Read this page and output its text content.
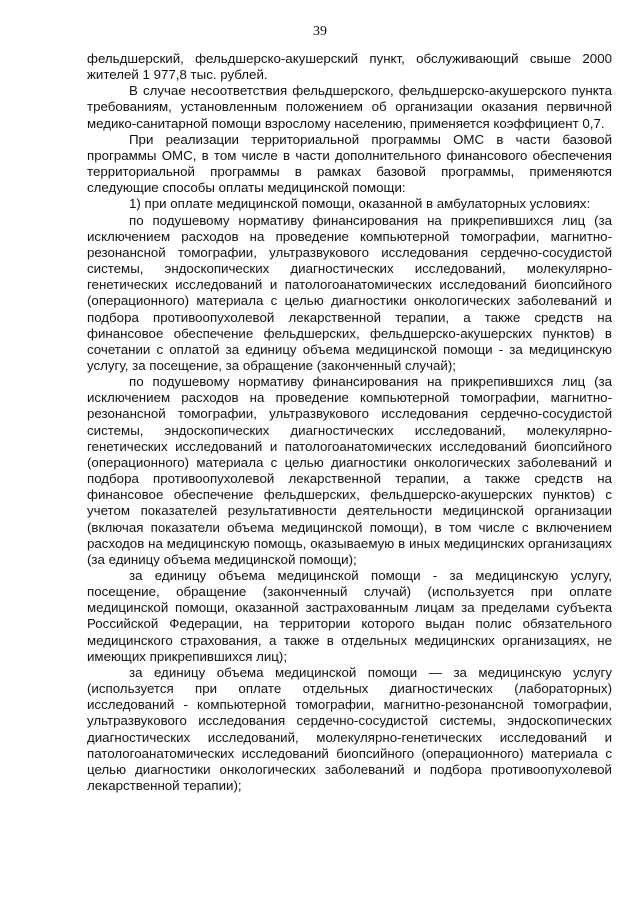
39

фельдшерский, фельдшерско-акушерский пункт, обслуживающий свыше 2000 жителей 1 977,8 тыс. рублей.

В случае несоответствия фельдшерского, фельдшерско-акушерского пункта требованиям, установленным положением об организации оказания первичной медико-санитарной помощи взрослому населению, применяется коэффициент 0,7.

При реализации территориальной программы ОМС в части базовой программы ОМС, в том числе в части дополнительного финансового обеспечения территориальной программы в рамках базовой программы, применяются следующие способы оплаты медицинской помощи:

1) при оплате медицинской помощи, оказанной в амбулаторных условиях:

по подушевому нормативу финансирования на прикрепившихся лиц (за исключением расходов на проведение компьютерной томографии, магнитно-резонансной томографии, ультразвукового исследования сердечно-сосудистой системы, эндоскопических диагностических исследований, молекулярно-генетических исследований и патологоанатомических исследований биопсийного (операционного) материала с целью диагностики онкологических заболеваний и подбора противоопухолевой лекарственной терапии, а также средств на финансовое обеспечение фельдшерских, фельдшерско-акушерских пунктов) в сочетании с оплатой за единицу объема медицинской помощи - за медицинскую услугу, за посещение, за обращение (законченный случай);

по подушевому нормативу финансирования на прикрепившихся лиц (за исключением расходов на проведение компьютерной томографии, магнитно-резонансной томографии, ультразвукового исследования сердечно-сосудистой системы, эндоскопических диагностических исследований, молекулярно-генетических исследований и патологоанатомических исследований биопсийного (операционного) материала с целью диагностики онкологических заболеваний и подбора противоопухолевой лекарственной терапии, а также средств на финансовое обеспечение фельдшерских, фельдшерско-акушерских пунктов) с учетом показателей результативности деятельности медицинской организации (включая показатели объема медицинской помощи), в том числе с включением расходов на медицинскую помощь, оказываемую в иных медицинских организациях (за единицу объема медицинской помощи);

за единицу объема медицинской помощи - за медицинскую услугу, посещение, обращение (законченный случай) (используется при оплате медицинской помощи, оказанной застрахованным лицам за пределами субъекта Российской Федерации, на территории которого выдан полис обязательного медицинского страхования, а также в отдельных медицинских организациях, не имеющих прикрепившихся лиц);

за единицу объема медицинской помощи — за медицинскую услугу (используется при оплате отдельных диагностических (лабораторных) исследований - компьютерной томографии, магнитно-резонансной томографии, ультразвукового исследования сердечно-сосудистой системы, эндоскопических диагностических исследований, молекулярно-генетических исследований и патологоанатомических исследований биопсийного (операционного) материала с целью диагностики онкологических заболеваний и подбора противоопухолевой лекарственной терапии);
